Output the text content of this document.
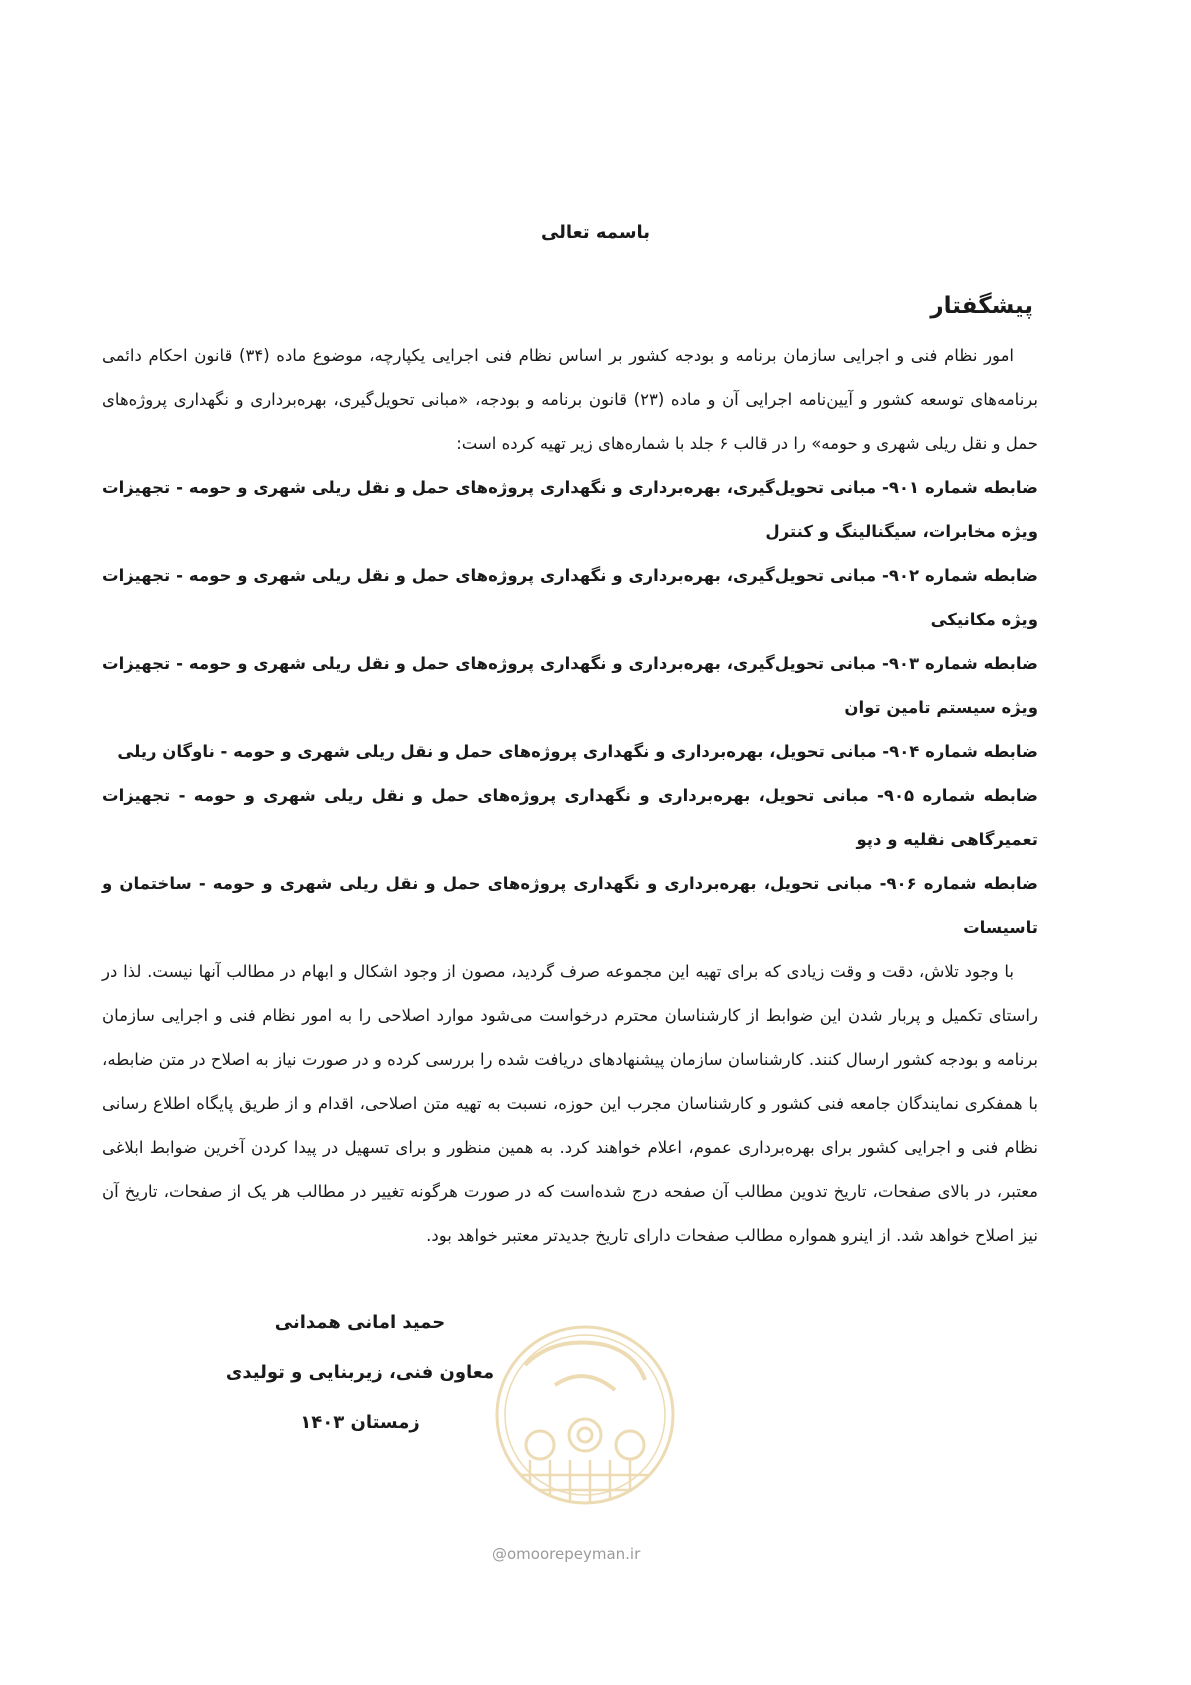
باسمه تعالی
پیشگفتار

امور نظام فنی و اجرایی سازمان برنامه و بودجه کشور بر اساس نظام فنی اجرایی یکپارچه، موضوع ماده (۳۴) قانون احکام دائمی برنامه‌های توسعه کشور و آیین‌نامه اجرایی آن و ماده (۲۳) قانون برنامه و بودجه، «مبانی تحویل‌گیری، بهره‌برداری و نگهداری پروژه‌های حمل و نقل ریلی شهری و حومه» را در قالب ۶ جلد با شماره‌های زیر تهیه کرده است:

ضابطه شماره ۹۰۱- مبانی تحویل‌گیری، بهره‌برداری و نگهداری پروژه‌های حمل و نقل ریلی شهری و حومه - تجهیزات ویژه مخابرات، سیگنالینگ و کنترل

ضابطه شماره ۹۰۲- مبانی تحویل‌گیری، بهره‌برداری و نگهداری پروژه‌های حمل و نقل ریلی شهری و حومه - تجهیزات ویژه مکانیکی

ضابطه شماره ۹۰۳- مبانی تحویل‌گیری، بهره‌برداری و نگهداری پروژه‌های حمل و نقل ریلی شهری و حومه - تجهیزات ویژه سیستم تامین توان

ضابطه شماره ۹۰۴- مبانی تحویل، بهره‌برداری و نگهداری پروژه‌های حمل و نقل ریلی شهری و حومه - ناوگان ریلی

ضابطه شماره ۹۰۵- مبانی تحویل، بهره‌برداری و نگهداری پروژه‌های حمل و نقل ریلی شهری و حومه - تجهیزات تعمیرگاهی نقلیه و دپو

ضابطه شماره ۹۰۶- مبانی تحویل، بهره‌برداری و نگهداری پروژه‌های حمل و نقل ریلی شهری و حومه - ساختمان و تاسیسات

با وجود تلاش، دقت و وقت زیادی که برای تهیه این مجموعه صرف گردید، مصون از وجود اشکال و ابهام در مطالب آنها نیست. لذا در راستای تکمیل و پربار شدن این ضوابط از کارشناسان محترم درخواست می‌شود موارد اصلاحی را به امور نظام فنی و اجرایی سازمان برنامه و بودجه کشور ارسال کنند. کارشناسان سازمان پیشنهادهای دریافت شده را بررسی کرده و در صورت نیاز به اصلاح در متن ضابطه، با همفکری نمایندگان جامعه فنی کشور و کارشناسان مجرب این حوزه، نسبت به تهیه متن اصلاحی، اقدام و از طریق پایگاه اطلاع رسانی نظام فنی و اجرایی کشور برای بهره‌برداری عموم، اعلام خواهند کرد. به همین منظور و برای تسهیل در پیدا کردن آخرین ضوابط ابلاغی معتبر، در بالای صفحات، تاریخ تدوین مطالب آن صفحه درج شده‌است که در صورت هرگونه تغییر در مطالب هر یک از صفحات، تاریخ آن نیز اصلاح خواهد شد. از اینرو همواره مطالب صفحات دارای تاریخ جدیدتر معتبر خواهد بود.

حمید امانی همدانی
معاون فنی، زیربنایی و تولیدی
زمستان ۱۴۰۳
@omoorepeyman.ir
